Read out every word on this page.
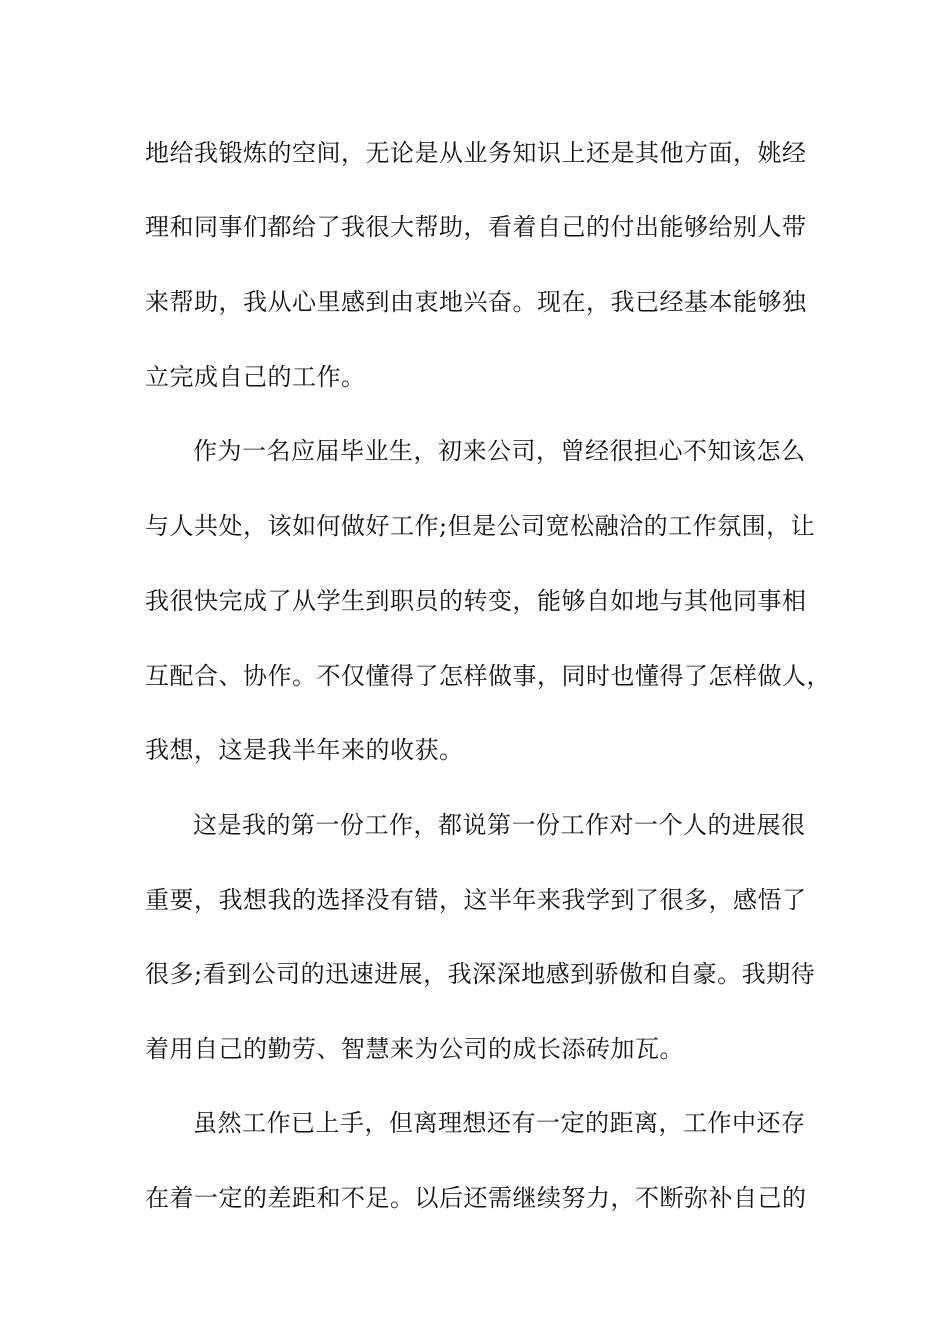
地给我锻炼的空间，无论是从业务知识上还是其他方面，姚经
理和同事们都给了我很大帮助，看着自己的付出能够给别人带
来帮助，我从心里感到由衷地兴奋。现在，我已经基本能够独
立完成自己的工作。
作为一名应届毕业生，初来公司，曾经很担心不知该怎么
与人共处，该如何做好工作;但是公司宽松融洽的工作氛围，让
我很快完成了从学生到职员的转变，能够自如地与其他同事相
互配合、协作。不仅懂得了怎样做事，同时也懂得了怎样做人，
我想，这是我半年来的收获。
这是我的第一份工作，都说第一份工作对一个人的进展很
重要，我想我的选择没有错，这半年来我学到了很多，感悟了
很多;看到公司的迅速进展，我深深地感到骄傲和自豪。我期待
着用自己的勤劳、智慧来为公司的成长添砖加瓦。
虽然工作已上手，但离理想还有一定的距离，工作中还存
在着一定的差距和不足。以后还需继续努力，不断弥补自己的
